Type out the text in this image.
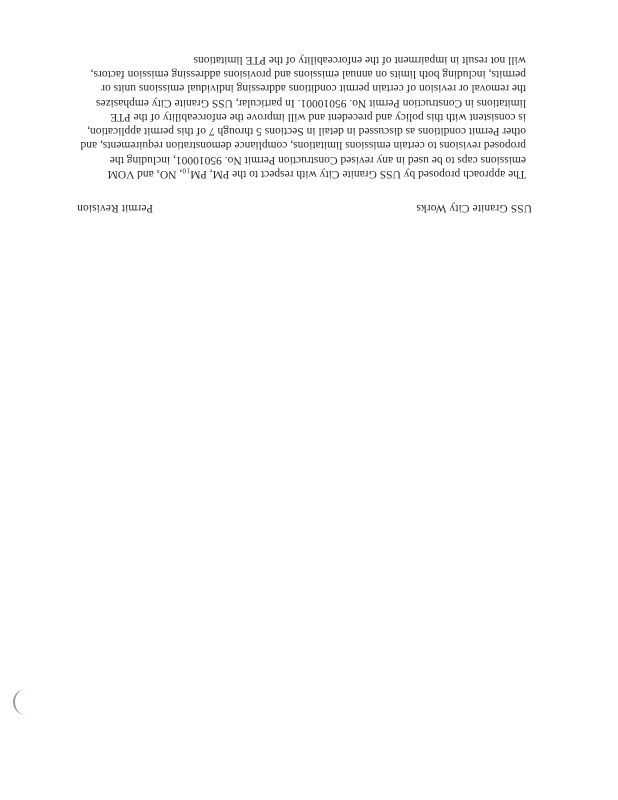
USS Granite City Works
Permit Revision
The approach proposed by USS Granite City with respect to the PM, PM₁₀, NOₓ and VOM
emissions caps to be used in any revised Construction Permit No. 95010001, including the
proposed revisions to certain emissions limitations, compliance demonstration requirements, and
other Permit conditions as discussed in detail in Sections 5 through 7 of this permit application,
is consistent with this policy and precedent and will improve the enforceability of the PTE
limitations in Construction Permit No. 95010001. In particular, USS Granite City emphasizes
the removal or revision of certain permit conditions addressing individual emissions units or
permits, including both limits on annual emissions and provisions addressing emission factors,
will not result in impairment of the enforceability of the PTE limitations
